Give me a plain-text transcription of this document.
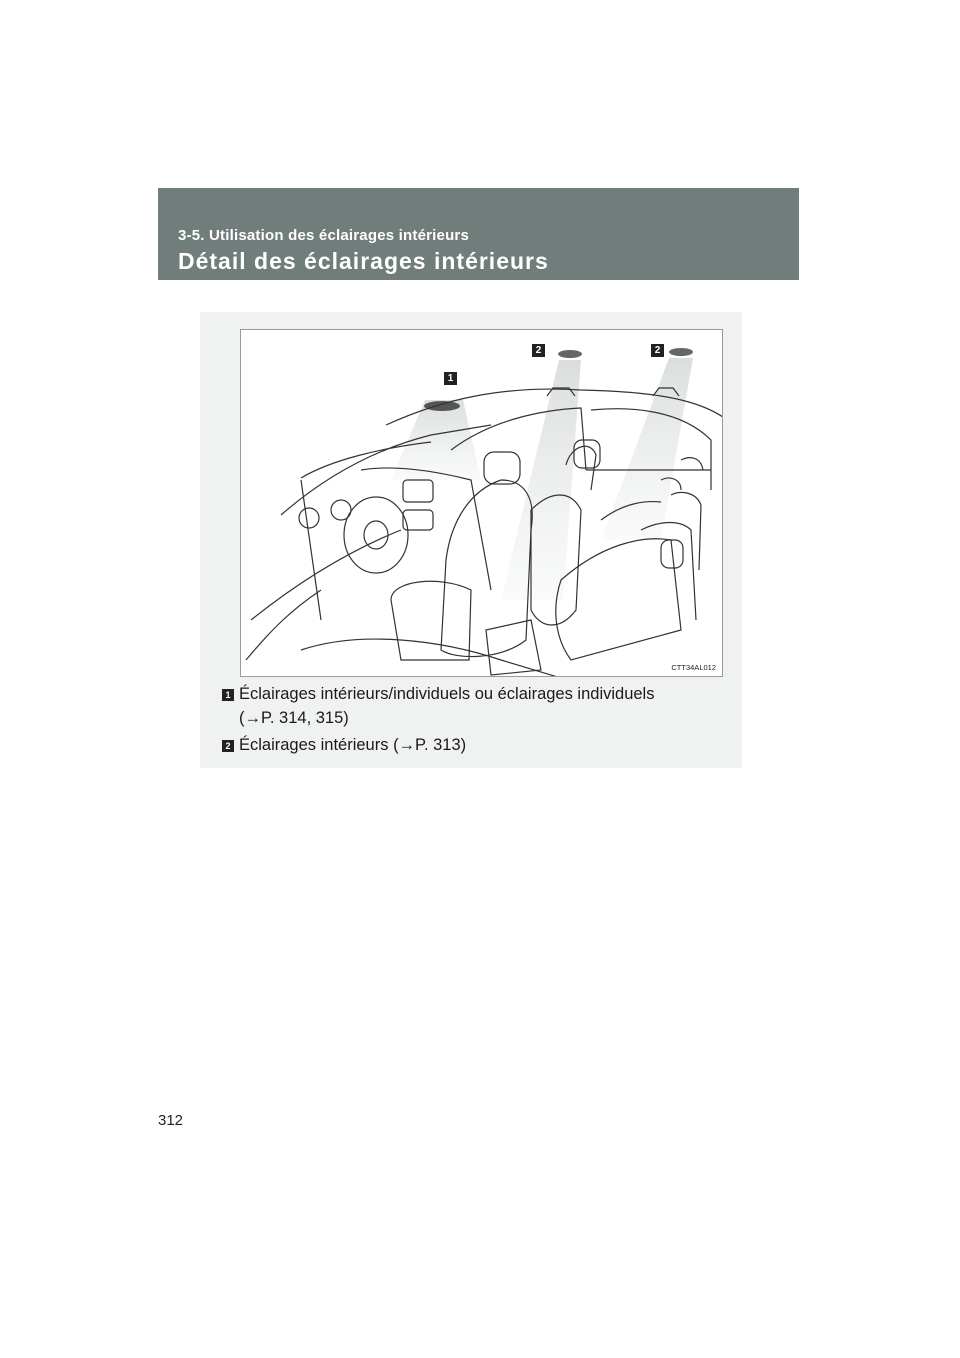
3-5. Utilisation des éclairages intérieurs
Détail des éclairages intérieurs
2	2
1
CTT34AL012
1 Éclairages intérieurs/individuels ou éclairages individuels
(→P. 314, 315)
2 Éclairages intérieurs (→P. 313)
312
